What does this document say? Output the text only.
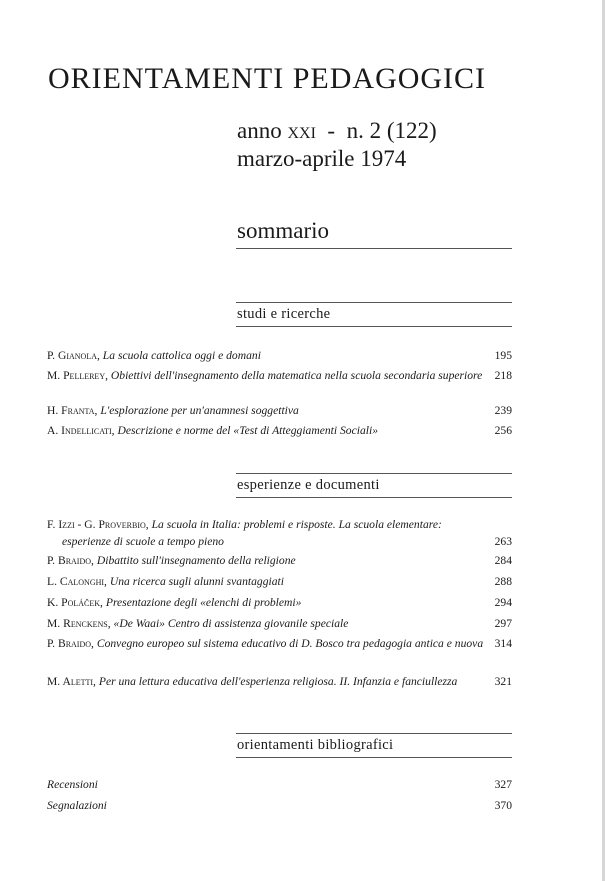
ORIENTAMENTI PEDAGOGICI
anno xxi - n. 2 (122)
marzo-aprile 1974
sommario
studi e ricerche
P. Gianola, La scuola cattolica oggi e domani	195
M. Pellerey, Obiettivi dell'insegnamento della matematica nella scuola secondaria superiore	218
H. Franta, L'esplorazione per un'anamnesi soggettiva	239
A. Indellicati, Descrizione e norme del «Test di Atteggiamenti Sociali»	256
esperienze e documenti
F. Izzi - G. Proverbio, La scuola in Italia: problemi e risposte. La scuola elementare: esperienze di scuole a tempo pieno	263
P. Braido, Dibattito sull'insegnamento della religione	284
L. Calonghi, Una ricerca sugli alunni svantaggiati	288
K. Poláček, Presentazione degli «elenchi di problemi»	294
M. Renckens, «De Waai» Centro di assistenza giovanile speciale	297
P. Braido, Convegno europeo sul sistema educativo di D. Bosco tra pedagogia antica e nuova 314
M. Aletti, Per una lettura educativa dell'esperienza religiosa. II. Infanzia e fanciullezza	321
orientamenti bibliografici
Recensioni	327
Segnalazioni	370
